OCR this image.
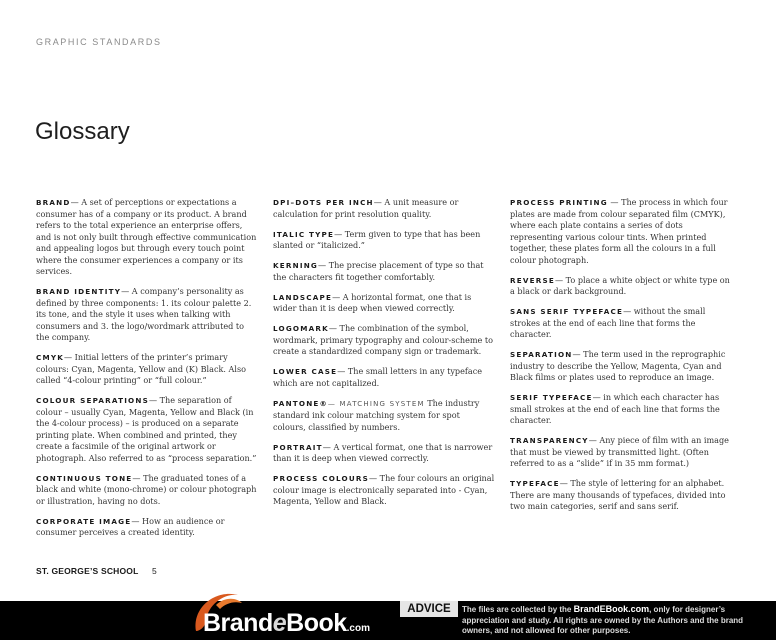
GRAPHIC STANDARDS
Glossary

BRAND— A set of perceptions or expectations a consumer has of a company or its product. A brand refers to the total experience an enterprise offers, and is not only built through effective communication and appealing logos but through every touch point where the consumer experiences a company or its services.

BRAND IDENTITY— A company’s personality as defined by three components: 1. its colour palette 2. its tone, and the style it uses when talking with consumers and 3. the logo/wordmark attributed to the company.

CMYK— Initial letters of the printer’s primary colours: Cyan, Magenta, Yellow and (K) Black. Also called “4-colour printing” or “full colour.”

COLOUR SEPARATIONS— The separation of colour – usually Cyan, Magenta, Yellow and Black (in the 4-colour process) – is produced on a separate printing plate. When combined and printed, they create a facsimile of the original artwork or photograph. Also referred to as “process separation.”

CONTINUOUS TONE— The graduated tones of a black and white (mono-chrome) or colour photograph or illustration, having no dots.

CORPORATE IMAGE— How an audience or consumer perceives a created identity.

DPI–DOTS PER INCH— A unit measure or calculation for print resolution quality.

ITALIC TYPE— Term given to type that has been slanted or “italicized.”

KERNING— The precise placement of type so that the characters fit together comfortably.

LANDSCAPE— A horizontal format, one that is wider than it is deep when viewed correctly.

LOGOMARK— The combination of the symbol, wordmark, primary typography and colour-scheme to create a standardized company sign or trademark.

LOWER CASE— The small letters in any typeface which are not capitalized.

PANTONE®— MATCHING SYSTEM The industry standard ink colour matching system for spot colours, classified by numbers.

PORTRAIT— A vertical format, one that is narrower than it is deep when viewed correctly.

PROCESS COLOURS— The four colours an original colour image is electronically separated into - Cyan, Magenta, Yellow and Black.

PROCESS PRINTING — The process in which four plates are made from colour separated film (CMYK), where each plate contains a series of dots representing various colour tints. When printed together, these plates form all the colours in a full colour photograph.

REVERSE— To place a white object or white type on a black or dark background.

SANS SERIF TYPEFACE— without the small strokes at the end of each line that forms the character.

SEPARATION— The term used in the reprographic industry to describe the Yellow, Magenta, Cyan and Black films or plates used to reproduce an image.

SERIF TYPEFACE— in which each character has small strokes at the end of each line that forms the character.

TRANSPARENCY— Any piece of film with an image that must be viewed by transmitted light. (Often referred to as a “slide” if in 35 mm format.)

TYPEFACE— The style of lettering for an alphabet. There are many thousands of typefaces, divided into two main categories, serif and sans serif.

ST. GEORGE’S SCHOOL 5
BrandeBook.com
ADVICE	The files are collected by the BrandEBook.com, only for designer’s appreciation and study. All rights are owned by the Authors and the brand owners, and not allowed for other purposes.
